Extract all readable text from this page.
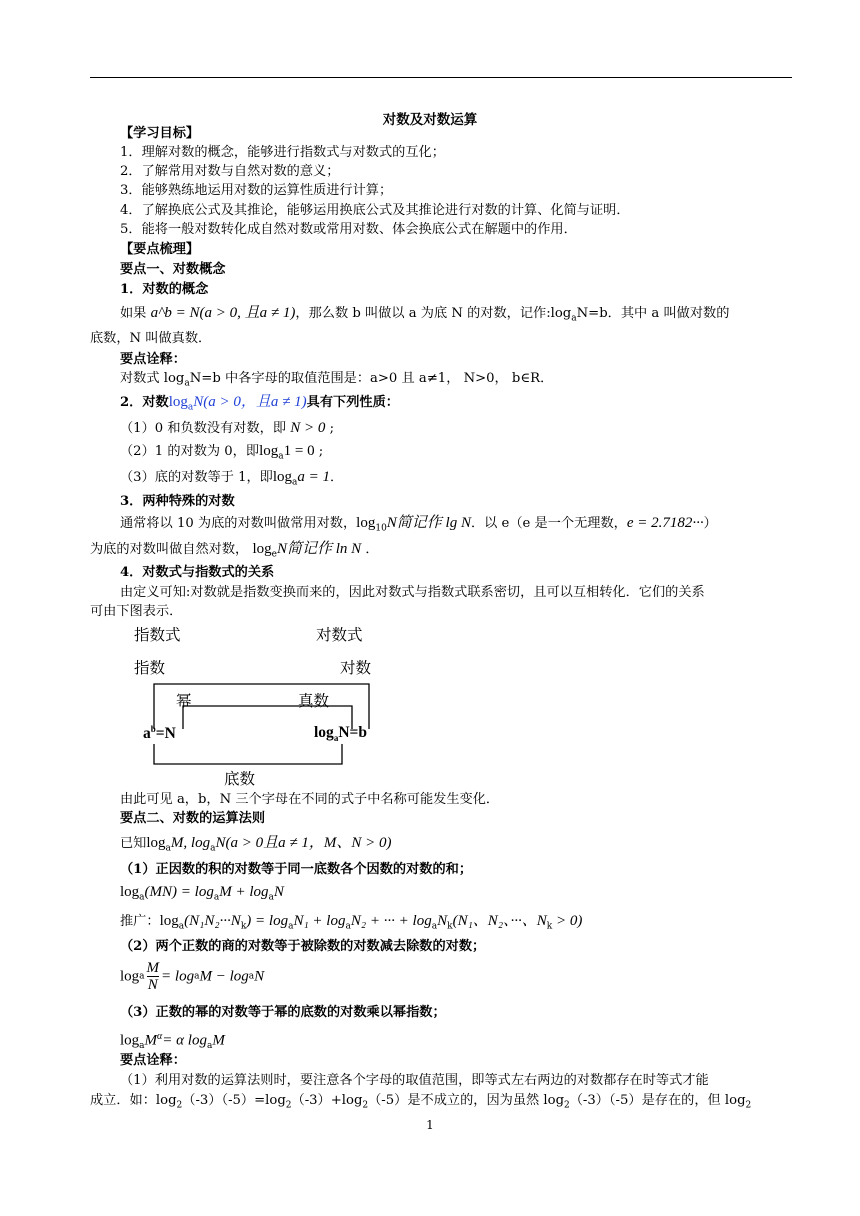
对数及对数运算
【学习目标】
1．理解对数的概念，能够进行指数式与对数式的互化；
2．了解常用对数与自然对数的意义；
3．能够熟练地运用对数的运算性质进行计算；
4．了解换底公式及其推论，能够运用换底公式及其推论进行对数的计算、化简与证明．
5．能将一般对数转化成自然对数或常用对数、体会换底公式在解题中的作用．
【要点梳理】
要点一、对数概念
1．对数的概念
如果 a^b = N(a > 0, 且a ≠ 1)，那么数 b 叫做以 a 为底 N 的对数，记作$:\log_aN=b$．其中 a 叫做对数的
底数，N 叫做真数．
要点诠释：
对数式 $\log_aN=b$ 中各字母的取值范围是：a>0 且 a≠1， N>0， b∈R．
2．对数$\log_aN(a > 0$，且a ≠ 1)具有下列性质：
（1）0 和负数没有对数，即 N > 0 ;
（2）1 的对数为 0，即$\log_a1 = 0$ ;
（3）底的对数等于 1，即$\log_aa = 1$．
3．两种特殊的对数
通常将以 10 为底的对数叫做常用对数，$\log_{10}N$简记作 lg N．以 e（e 是一个无理数，e = 2.7182···）
为底的对数叫做自然对数， $\log_eN$简记作 ln N ．
4．对数式与指数式的关系
由定义可知:对数就是指数变换而来的，因此对数式与指数式联系密切，且可以互相转化．它们的关系
可由下图表示．
指数式	对数式
指数	对数
幂	真数
$a^b=N$	$\log_aN=b$
底数
由此可见 a，b，N 三个字母在不同的式子中名称可能发生变化．
要点二、对数的运算法则
已知$\log_aM$, $\log_aN(a > 0$且a ≠ 1，M、N > 0)
（1）正因数的积的对数等于同一底数各个因数的对数的和；
$\log_a(MN) = \log_aM + \log_aN$
推广：$\log_a(N_1N_2\cdot\cdot\cdot N_k) = \log_aN_1 + \log_aN_2$ + ··· + $\log_aN_k(N_1$、N₂、···、$N_k > 0$)
（2）两个正数的商的对数等于被除数的对数减去除数的对数；
loga $\frac{M}{N}$ = logaM − logaN
（3）正数的幂的对数等于幂的底数的对数乘以幂指数；
$\log_aM^\alpha= \alpha$ $\log_aM$
要点诠释：
（1）利用对数的运算法则时，要注意各个字母的取值范围，即等式左右两边的对数都存在时等式才能
成立．如：$\log_2(-3)(-5)=\log_2(-3)+\log_2(-5)$是不成立的，因为虽然 $\log_2(-3)(-5)$是存在的，但 $\log_2$
1
